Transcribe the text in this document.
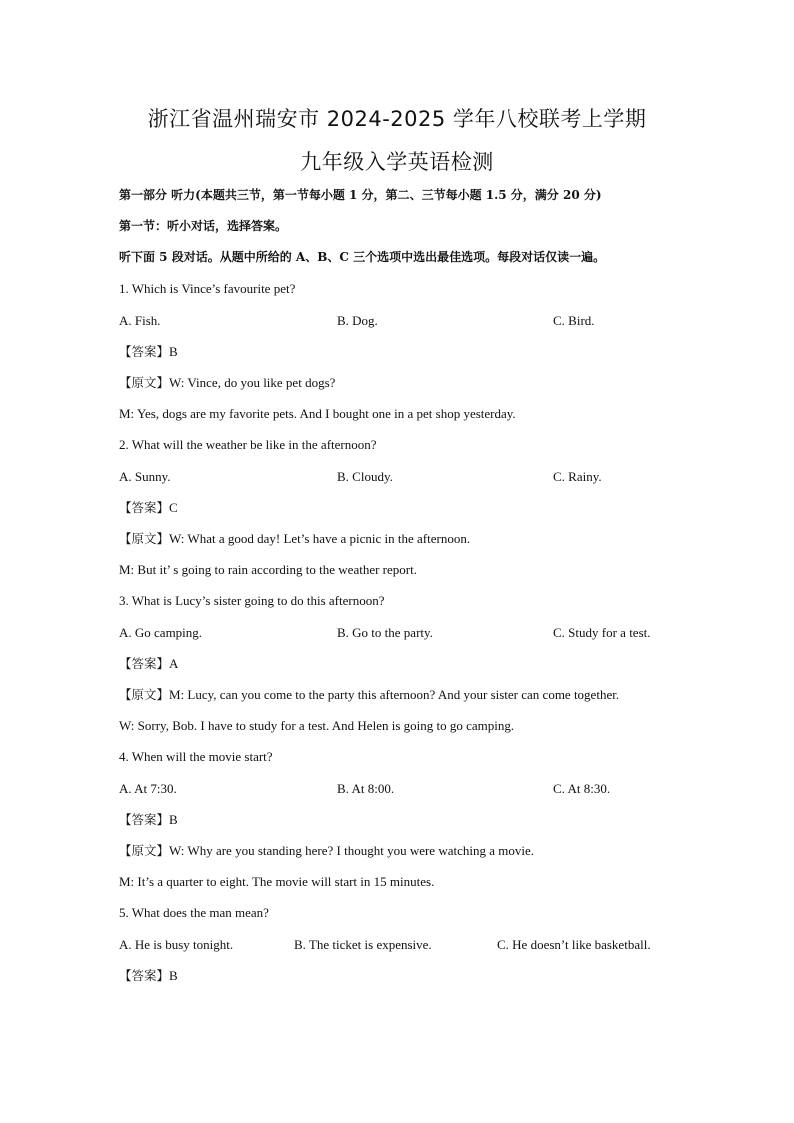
浙江省温州瑞安市 2024-2025 学年八校联考上学期
九年级入学英语检测
第一部分 听力(本题共三节，第一节每小题 1 分，第二、三节每小题 1.5 分，满分 20 分)
第一节：听小对话，选择答案。
听下面 5 段对话。从题中所给的 A、B、C 三个选项中选出最佳选项。每段对话仅读一遍。
1. Which is Vince’s favourite pet?
A. Fish.	B. Dog.	C. Bird.
【答案】B
【原文】W: Vince, do you like pet dogs?
M: Yes, dogs are my favorite pets. And I bought one in a pet shop yesterday.
2. What will the weather be like in the afternoon?
A. Sunny.	B. Cloudy.	C. Rainy.
【答案】C
【原文】W: What a good day! Let’s have a picnic in the afternoon.
M: But it’ s going to rain according to the weather report.
3. What is Lucy’s sister going to do this afternoon?
A. Go camping.	B. Go to the party.	C. Study for a test.
【答案】A
【原文】M: Lucy, can you come to the party this afternoon? And your sister can come together.
W: Sorry, Bob. I have to study for a test. And Helen is going to go camping.
4. When will the movie start?
A. At 7:30.	B. At 8:00.	C. At 8:30.
【答案】B
【原文】W: Why are you standing here? I thought you were watching a movie.
M: It’s a quarter to eight. The movie will start in 15 minutes.
5. What does the man mean?
A. He is busy tonight.	B. The ticket is expensive.	C. He doesn’t like basketball.
【答案】B
